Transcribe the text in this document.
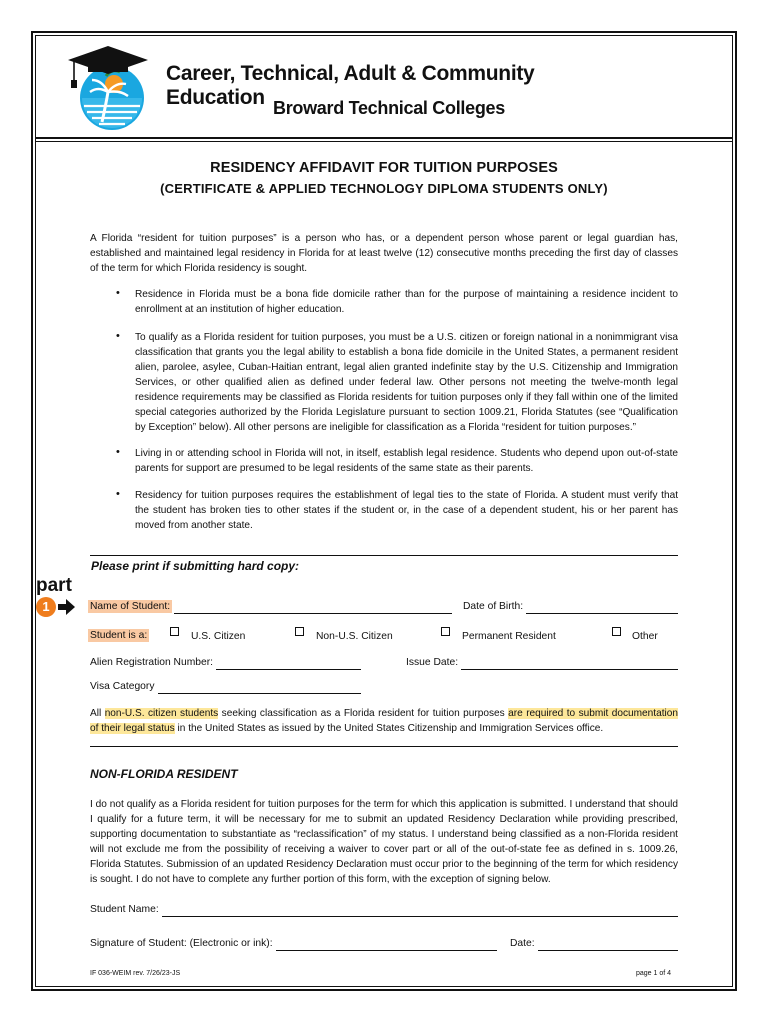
Career, Technical, Adult & Community Education Broward Technical Colleges
RESIDENCY AFFIDAVIT FOR TUITION PURPOSES
(CERTIFICATE & APPLIED TECHNOLOGY DIPLOMA STUDENTS ONLY)
A Florida “resident for tuition purposes” is a person who has, or a dependent person whose parent or legal guardian has, established and maintained legal residency in Florida for at least twelve (12) consecutive months preceding the first day of classes of the term for which Florida residency is sought.
• Residence in Florida must be a bona fide domicile rather than for the purpose of maintaining a residence incident to enrollment at an institution of higher education.
• To qualify as a Florida resident for tuition purposes, you must be a U.S. citizen or foreign national in a nonimmigrant visa classification that grants you the legal ability to establish a bona fide domicile in the United States, a permanent resident alien, parolee, asylee, Cuban-Haitian entrant, legal alien granted indefinite stay by the U.S. Citizenship and Immigration Services, or other qualified alien as defined under federal law. Other persons not meeting the twelve-month legal residence requirements may be classified as Florida residents for tuition purposes only if they fall within one of the limited special categories authorized by the Florida Legislature pursuant to section 1009.21, Florida Statutes (see “Qualification by Exception” below). All other persons are ineligible for classification as a Florida “resident for tuition purposes.”
• Living in or attending school in Florida will not, in itself, establish legal residence. Students who depend upon out-of-state parents for support are presumed to be legal residents of the same state as their parents.
• Residency for tuition purposes requires the establishment of legal ties to the state of Florida. A student must verify that the student has broken ties to other states if the student or, in the case of a dependent student, his or her parent has moved from another state.
Please print if submitting hard copy:
part
1	Name of Student:	Date of Birth:
Student is a:	U.S. Citizen	Non-U.S. Citizen	Permanent Resident	Other
Alien Registration Number:	Issue Date:
Visa Category
All non-U.S. citizen students seeking classification as a Florida resident for tuition purposes are required to submit documentation of their legal status in the United States as issued by the United States Citizenship and Immigration Services office.
NON-FLORIDA RESIDENT
I do not qualify as a Florida resident for tuition purposes for the term for which this application is submitted. I understand that should I qualify for a future term, it will be necessary for me to submit an updated Residency Declaration while providing prescribed, supporting documentation to substantiate as “reclassification” of my status. I understand being classified as a non-Florida resident will not exclude me from the possibility of receiving a waiver to cover part or all of the out-of-state fee as defined in s. 1009.26, Florida Statutes. Submission of an updated Residency Declaration must occur prior to the beginning of the term for which residency is sought. I do not have to complete any further portion of this form, with the exception of signing below.
Student Name:
Signature of Student: (Electronic or ink):	Date:
IF 036-WEIM rev. 7/26/23-JS	page 1 of 4
